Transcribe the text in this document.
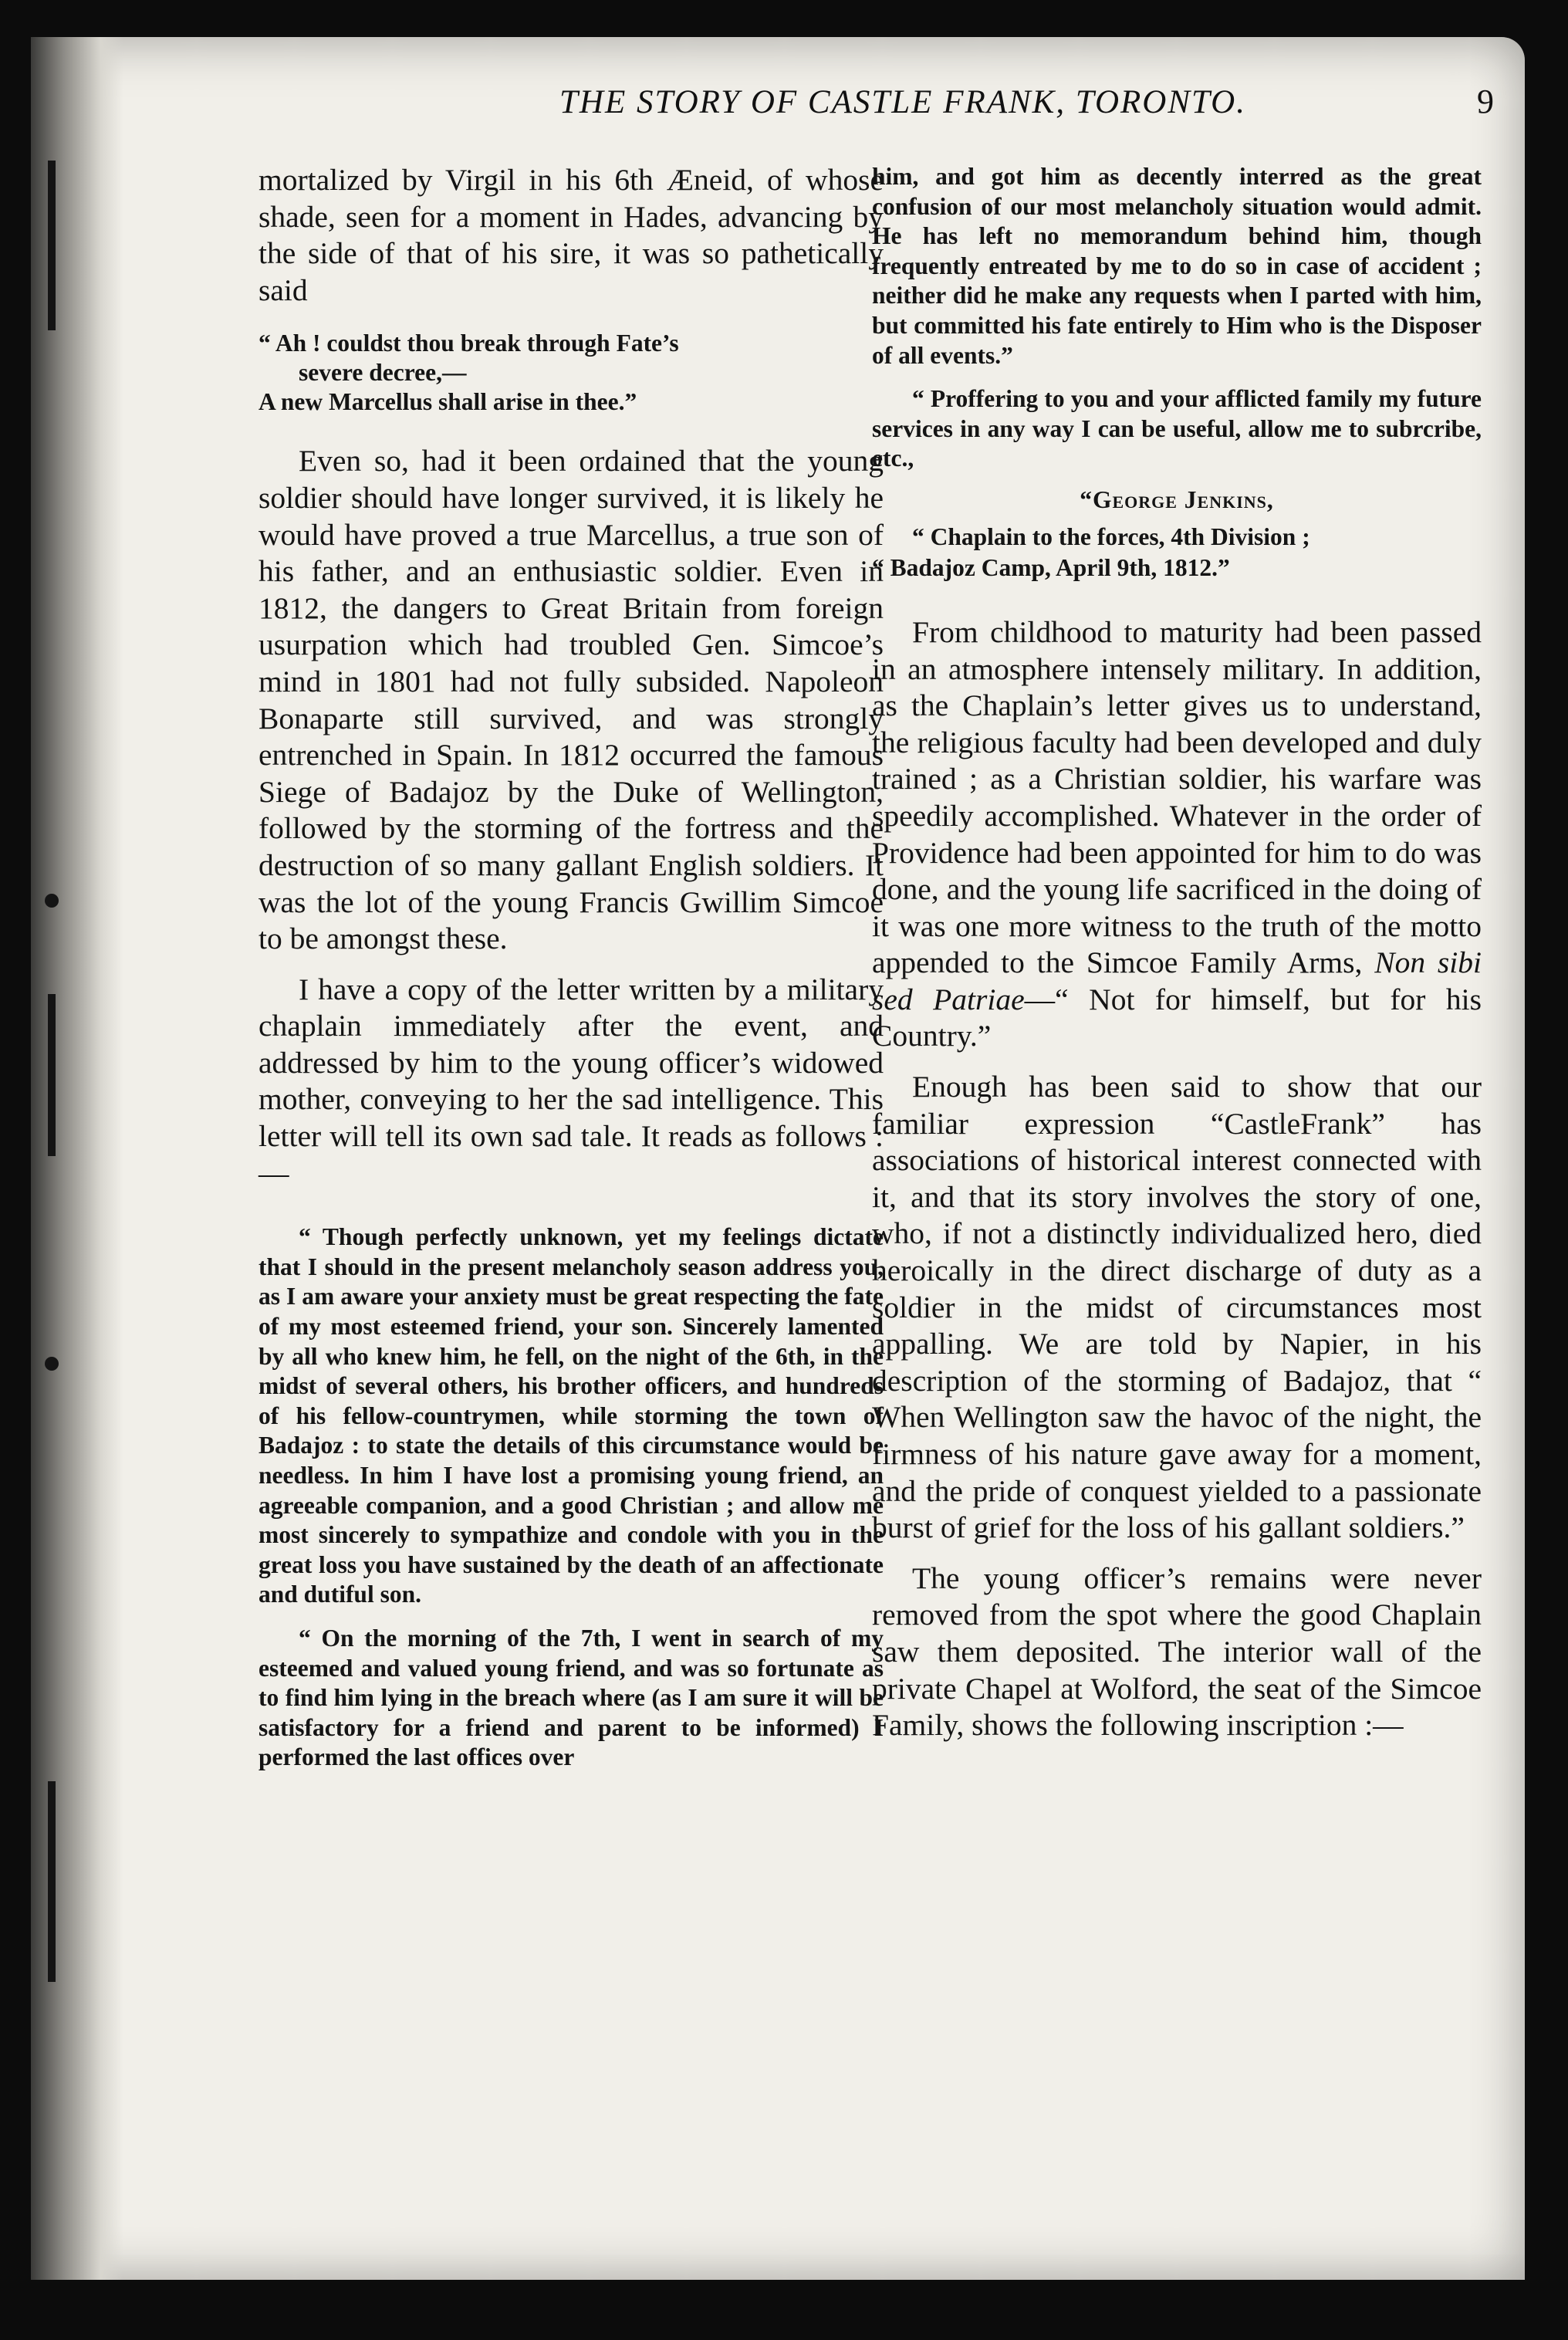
THE STORY OF CASTLE FRANK, TORONTO.	9

mortalized by Virgil in his 6th Æneid, of whose shade, seen for a moment in Hades, advancing by the side of that of his sire, it was so pathetically said

“ Ah ! couldst thou break through Fate’s
severe decree,—
A new Marcellus shall arise in thee.”

Even so, had it been ordained that the young soldier should have longer survived, it is likely he would have proved a true Marcellus, a true son of his father, and an enthusiastic soldier. Even in 1812, the dangers to Great Britain from foreign usurpation which had troubled Gen. Simcoe’s mind in 1801 had not fully subsided. Napoleon Bonaparte still survived, and was strongly entrenched in Spain. In 1812 occurred the famous Siege of Badajoz by the Duke of Wellington, followed by the storming of the fortress and the destruction of so many gallant English soldiers. It was the lot of the young Francis Gwillim Simcoe to be amongst these.

I have a copy of the letter written by a military chaplain immediately after the event, and addressed by him to the young officer’s widowed mother, conveying to her the sad intelligence. This letter will tell its own sad tale. It reads as follows :—

“ Though perfectly unknown, yet my feelings dictate that I should in the present melancholy season address you, as I am aware your anxiety must be great respecting the fate of my most esteemed friend, your son. Sincerely lamented by all who knew him, he fell, on the night of the 6th, in the midst of several others, his brother officers, and hundreds of his fellow-countrymen, while storming the town of Badajoz : to state the details of this circumstance would be needless. In him I have lost a promising young friend, an agreeable companion, and a good Christian ; and allow me most sincerely to sympathize and condole with you in the great loss you have sustained by the death of an affectionate and dutiful son.

“ On the morning of the 7th, I went in search of my esteemed and valued young friend, and was so fortunate as to find him lying in the breach where (as I am sure it will be satisfactory for a friend and parent to be informed) I performed the last offices over

him, and got him as decently interred as the great confusion of our most melancholy situation would admit. He has left no memorandum behind him, though frequently entreated by me to do so in case of accident ; neither did he make any requests when I parted with him, but committed his fate entirely to Him who is the Disposer of all events.”

“ Proffering to you and your afflicted family my future services in any way I can be useful, allow me to subrcribe, etc.,

“George Jenkins,

“ Chaplain to the forces, 4th Division ;

“ Badajoz Camp, April 9th, 1812.”

From childhood to maturity had been passed in an atmosphere intensely military. In addition, as the Chaplain’s letter gives us to understand, the religious faculty had been developed and duly trained ; as a Christian soldier, his warfare was speedily accomplished. Whatever in the order of Providence had been appointed for him to do was done, and the young life sacrificed in the doing of it was one more witness to the truth of the motto appended to the Simcoe Family Arms, Non sibi sed Patriae—“ Not for himself, but for his Country.”

Enough has been said to show that our familiar expression “CastleFrank” has associations of historical interest connected with it, and that its story involves the story of one, who, if not a distinctly individualized hero, died heroically in the direct discharge of duty as a soldier in the midst of circumstances most appalling. We are told by Napier, in his description of the storming of Badajoz, that “ When Wellington saw the havoc of the night, the firmness of his nature gave away for a moment, and the pride of conquest yielded to a passionate burst of grief for the loss of his gallant soldiers.”

The young officer’s remains were never removed from the spot where the good Chaplain saw them deposited. The interior wall of the private Chapel at Wolford, the seat of the Simcoe Family, shows the following inscription :—
